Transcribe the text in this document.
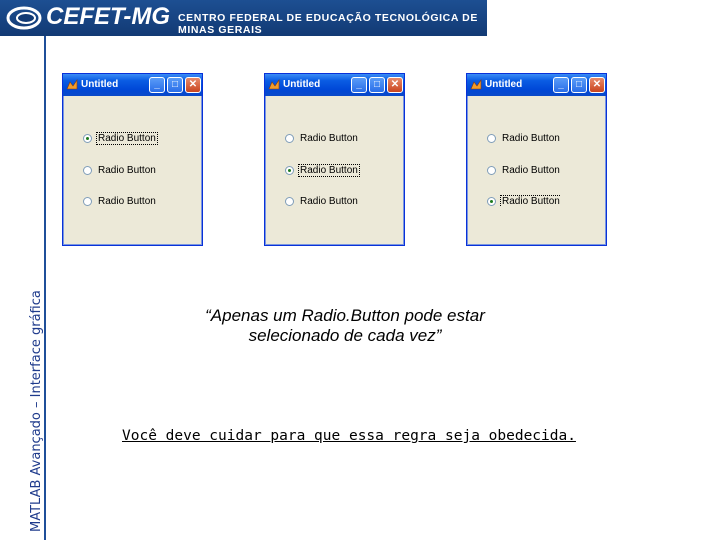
CEFET-MG CENTRO FEDERAL DE EDUCAÇÃO TECNOLÓGICA DE MINAS GERAIS
MATLAB Avançado – Interface gráfica
Untitled	_	□	✕
Radio Button
Radio Button
Radio Button
Untitled	_	□	✕
Radio Button
Radio Button
Radio Button
Untitled	_	□	✕
Radio Button
Radio Button
Radio Button
“Apenas um Radio.Button pode estar
selecionado de cada vez”
Você deve cuidar para que essa regra seja obedecida.
